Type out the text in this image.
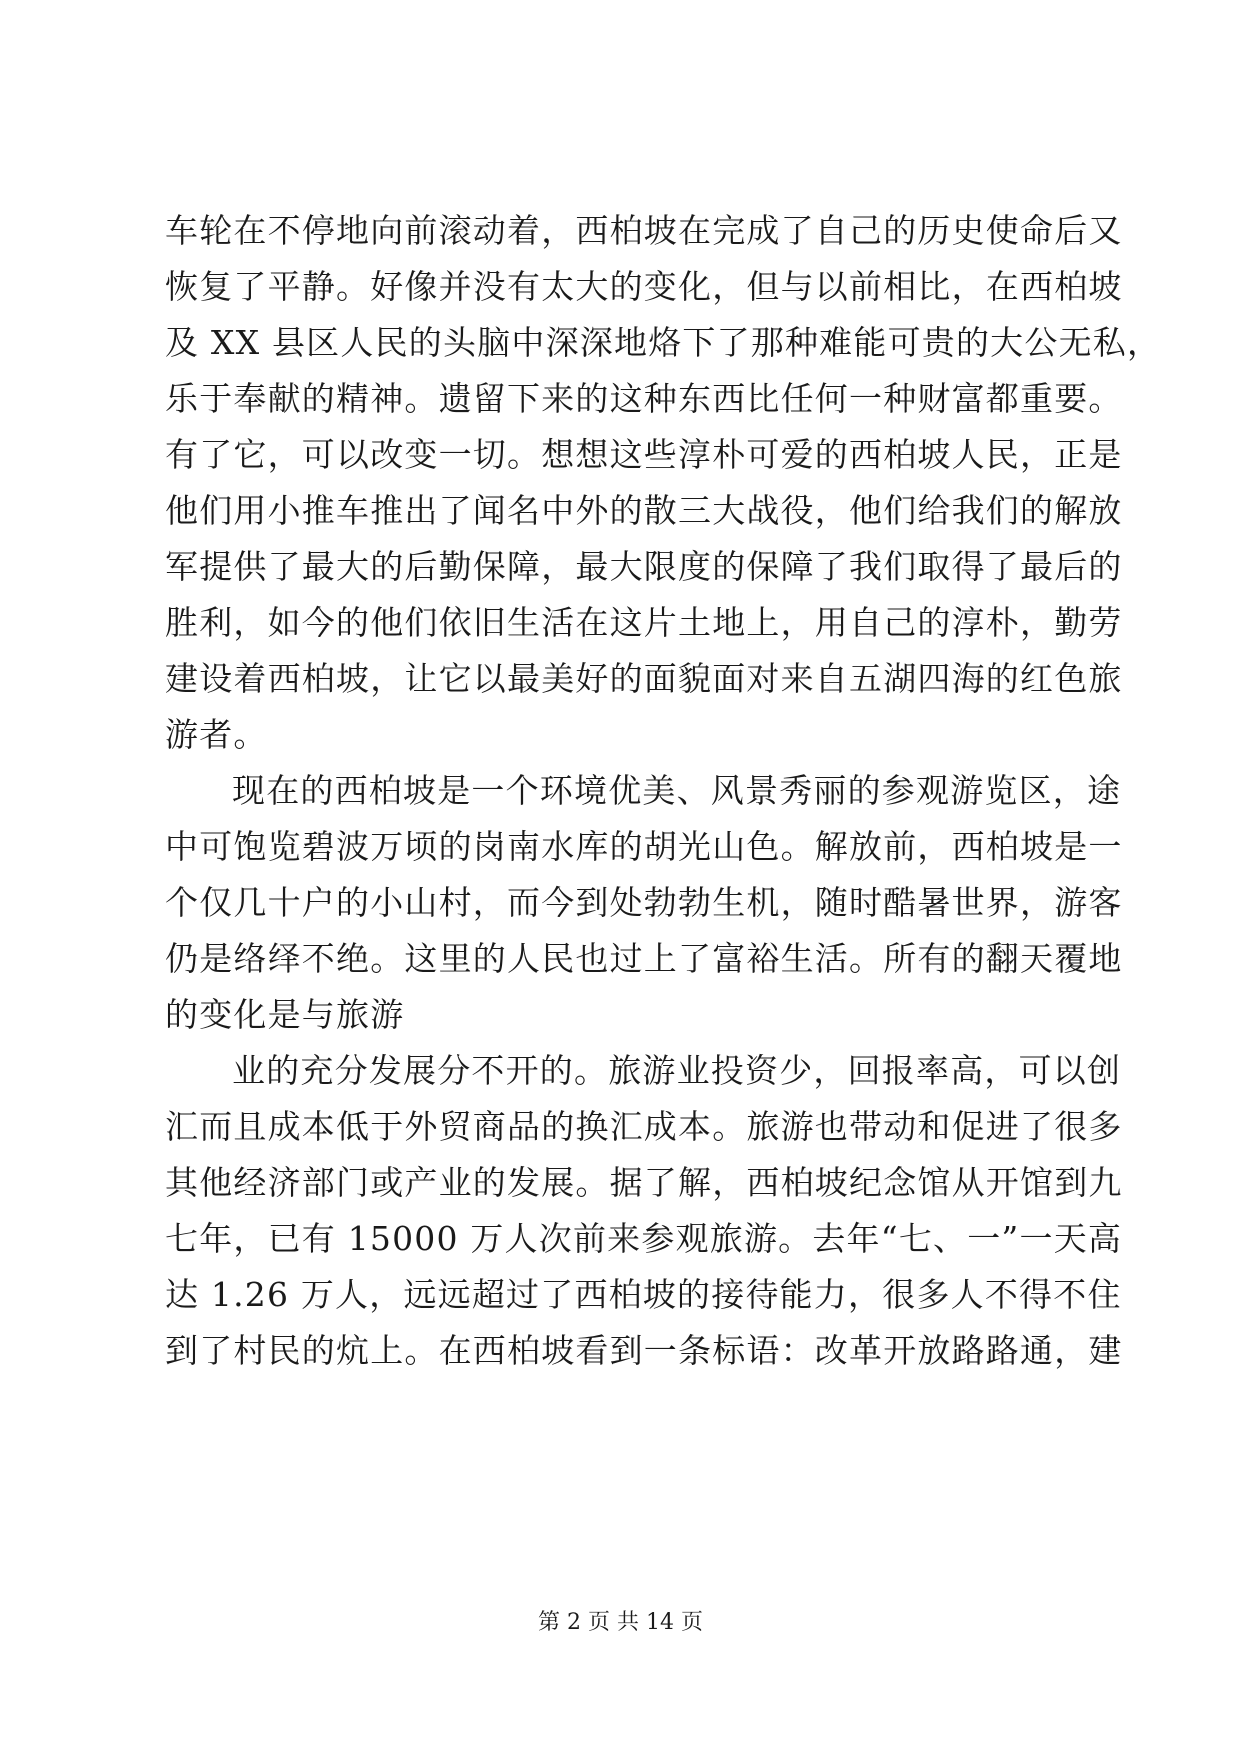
车轮在不停地向前滚动着，西柏坡在完成了自己的历史使命后又
恢复了平静。好像并没有太大的变化，但与以前相比，在西柏坡
及 XX 县区人民的头脑中深深地烙下了那种难能可贵的大公无私，
乐于奉献的精神。遗留下来的这种东西比任何一种财富都重要。
有了它，可以改变一切。想想这些淳朴可爱的西柏坡人民，正是
他们用小推车推出了闻名中外的散三大战役，他们给我们的解放
军提供了最大的后勤保障，最大限度的保障了我们取得了最后的
胜利，如今的他们依旧生活在这片土地上，用自己的淳朴，勤劳
建设着西柏坡，让它以最美好的面貌面对来自五湖四海的红色旅
游者。
现在的西柏坡是一个环境优美、风景秀丽的参观游览区，途
中可饱览碧波万顷的岗南水库的胡光山色。解放前，西柏坡是一
个仅几十户的小山村，而今到处勃勃生机，随时酷暑世界，游客
仍是络绎不绝。这里的人民也过上了富裕生活。所有的翻天覆地
的变化是与旅游
业的充分发展分不开的。旅游业投资少，回报率高，可以创
汇而且成本低于外贸商品的换汇成本。旅游也带动和促进了很多
其他经济部门或产业的发展。据了解，西柏坡纪念馆从开馆到九
七年，已有 15000 万人次前来参观旅游。去年“七、一”一天高
达 1.26 万人，远远超过了西柏坡的接待能力，很多人不得不住
到了村民的炕上。在西柏坡看到一条标语：改革开放路路通，建
第 2 页 共 14 页
